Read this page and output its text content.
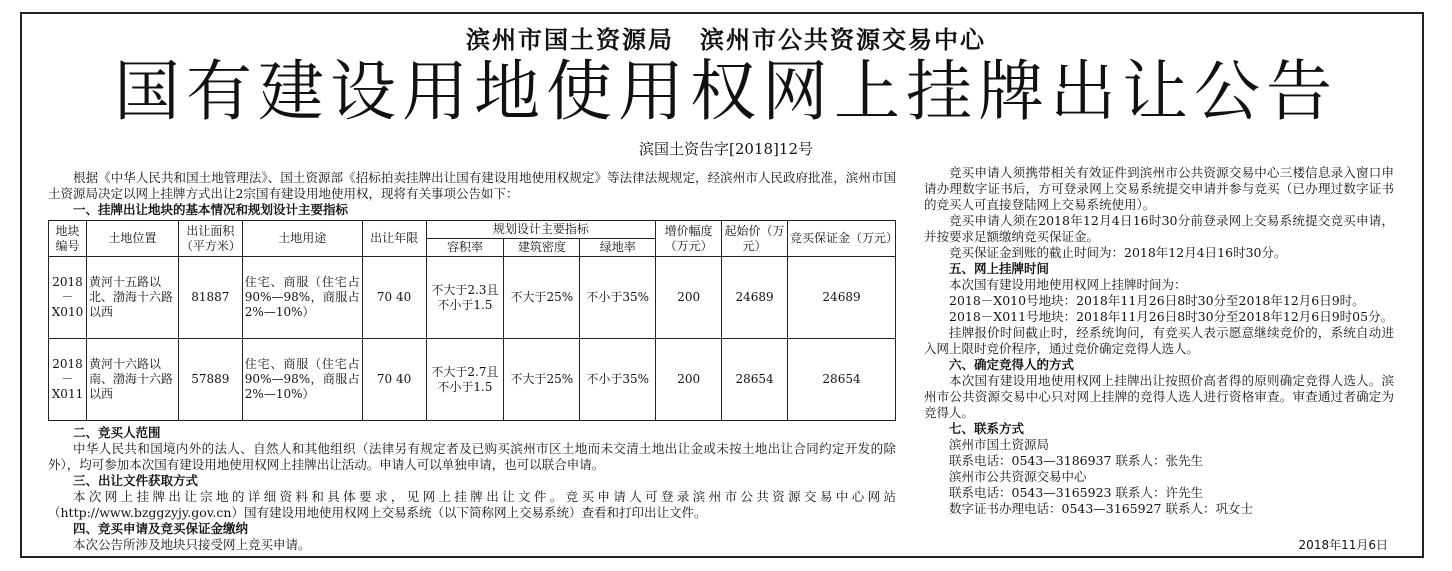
滨州市国土资源局　滨州市公共资源交易中心
国有建设用地使用权网上挂牌出让公告
滨国土资告字[2018]12号

根据《中华人民共和国土地管理法》、国土资源部《招标拍卖挂牌出让国有建设用地使用权规定》等法律法规规定，经滨州市人民政府批准，滨州市国土资源局决定以网上挂牌方式出让2宗国有建设用地使用权，现将有关事项公告如下：

一、挂牌出让地块的基本情况和规划设计主要指标

地块编号	土地位置	出让面积（平方米）	土地用途	出让年限	规划设计主要指标			增价幅度（万元）	起始价（万元）	竞买保证金（万元）
					容积率	建筑密度	绿地率			
2018－X010	黄河十五路以北、渤海十六路以西	81887	住宅、商服（住宅占90%—98%，商服占2%—10%）	70 40	不大于2.3且不小于1.5	不大于25%	不小于35%	200	24689	24689
2018－X011	黄河十六路以南、渤海十六路以西	57889	住宅、商服（住宅占90%—98%，商服占2%—10%）	70 40	不大于2.7且不小于1.5	不大于25%	不小于35%	200	28654	28654

二、竞买人范围

中华人民共和国境内外的法人、自然人和其他组织（法律另有规定者及已购买滨州市区土地而未交清土地出让金或未按土地出让合同约定开发的除外），均可参加本次国有建设用地使用权网上挂牌出让活动。申请人可以单独申请，也可以联合申请。

三、出让文件获取方式

本次网上挂牌出让宗地的详细资料和具体要求，见网上挂牌出让文件。竞买申请人可登录滨州市公共资源交易中心网站（http://www.bzggzyjy.gov.cn）国有建设用地使用权网上交易系统（以下简称网上交易系统）查看和打印出让文件。

四、竞买申请及竞买保证金缴纳

本次公告所涉及地块只接受网上竞买申请。

竞买申请人须携带相关有效证件到滨州市公共资源交易中心三楼信息录入窗口申请办理数字证书后，方可登录网上交易系统提交申请并参与竞买（已办理过数字证书的竞买人可直接登陆网上交易系统使用）。

竞买申请人须在2018年12月4日16时30分前登录网上交易系统提交竞买申请，并按要求足额缴纳竞买保证金。

竞买保证金到账的截止时间为：2018年12月4日16时30分。

五、网上挂牌时间

本次国有建设用地使用权网上挂牌时间为：

2018－X010号地块：2018年11月26日8时30分至2018年12月6日9时。

2018－X011号地块：2018年11月26日8时30分至2018年12月6日9时05分。

挂牌报价时间截止时，经系统询问，有竞买人表示愿意继续竞价的，系统自动进入网上限时竞价程序，通过竞价确定竞得人选人。

六、确定竞得人的方式

本次国有建设用地使用权网上挂牌出让按照价高者得的原则确定竞得人选人。滨州市公共资源交易中心只对网上挂牌的竞得人选人进行资格审查。审查通过者确定为竞得人。

七、联系方式

滨州市国土资源局

联系电话：0543—3186937 联系人：张先生

滨州市公共资源交易中心

联系电话：0543—3165923 联系人：许先生

数字证书办理电话：0543—3165927 联系人：巩女士

2018年11月6日
